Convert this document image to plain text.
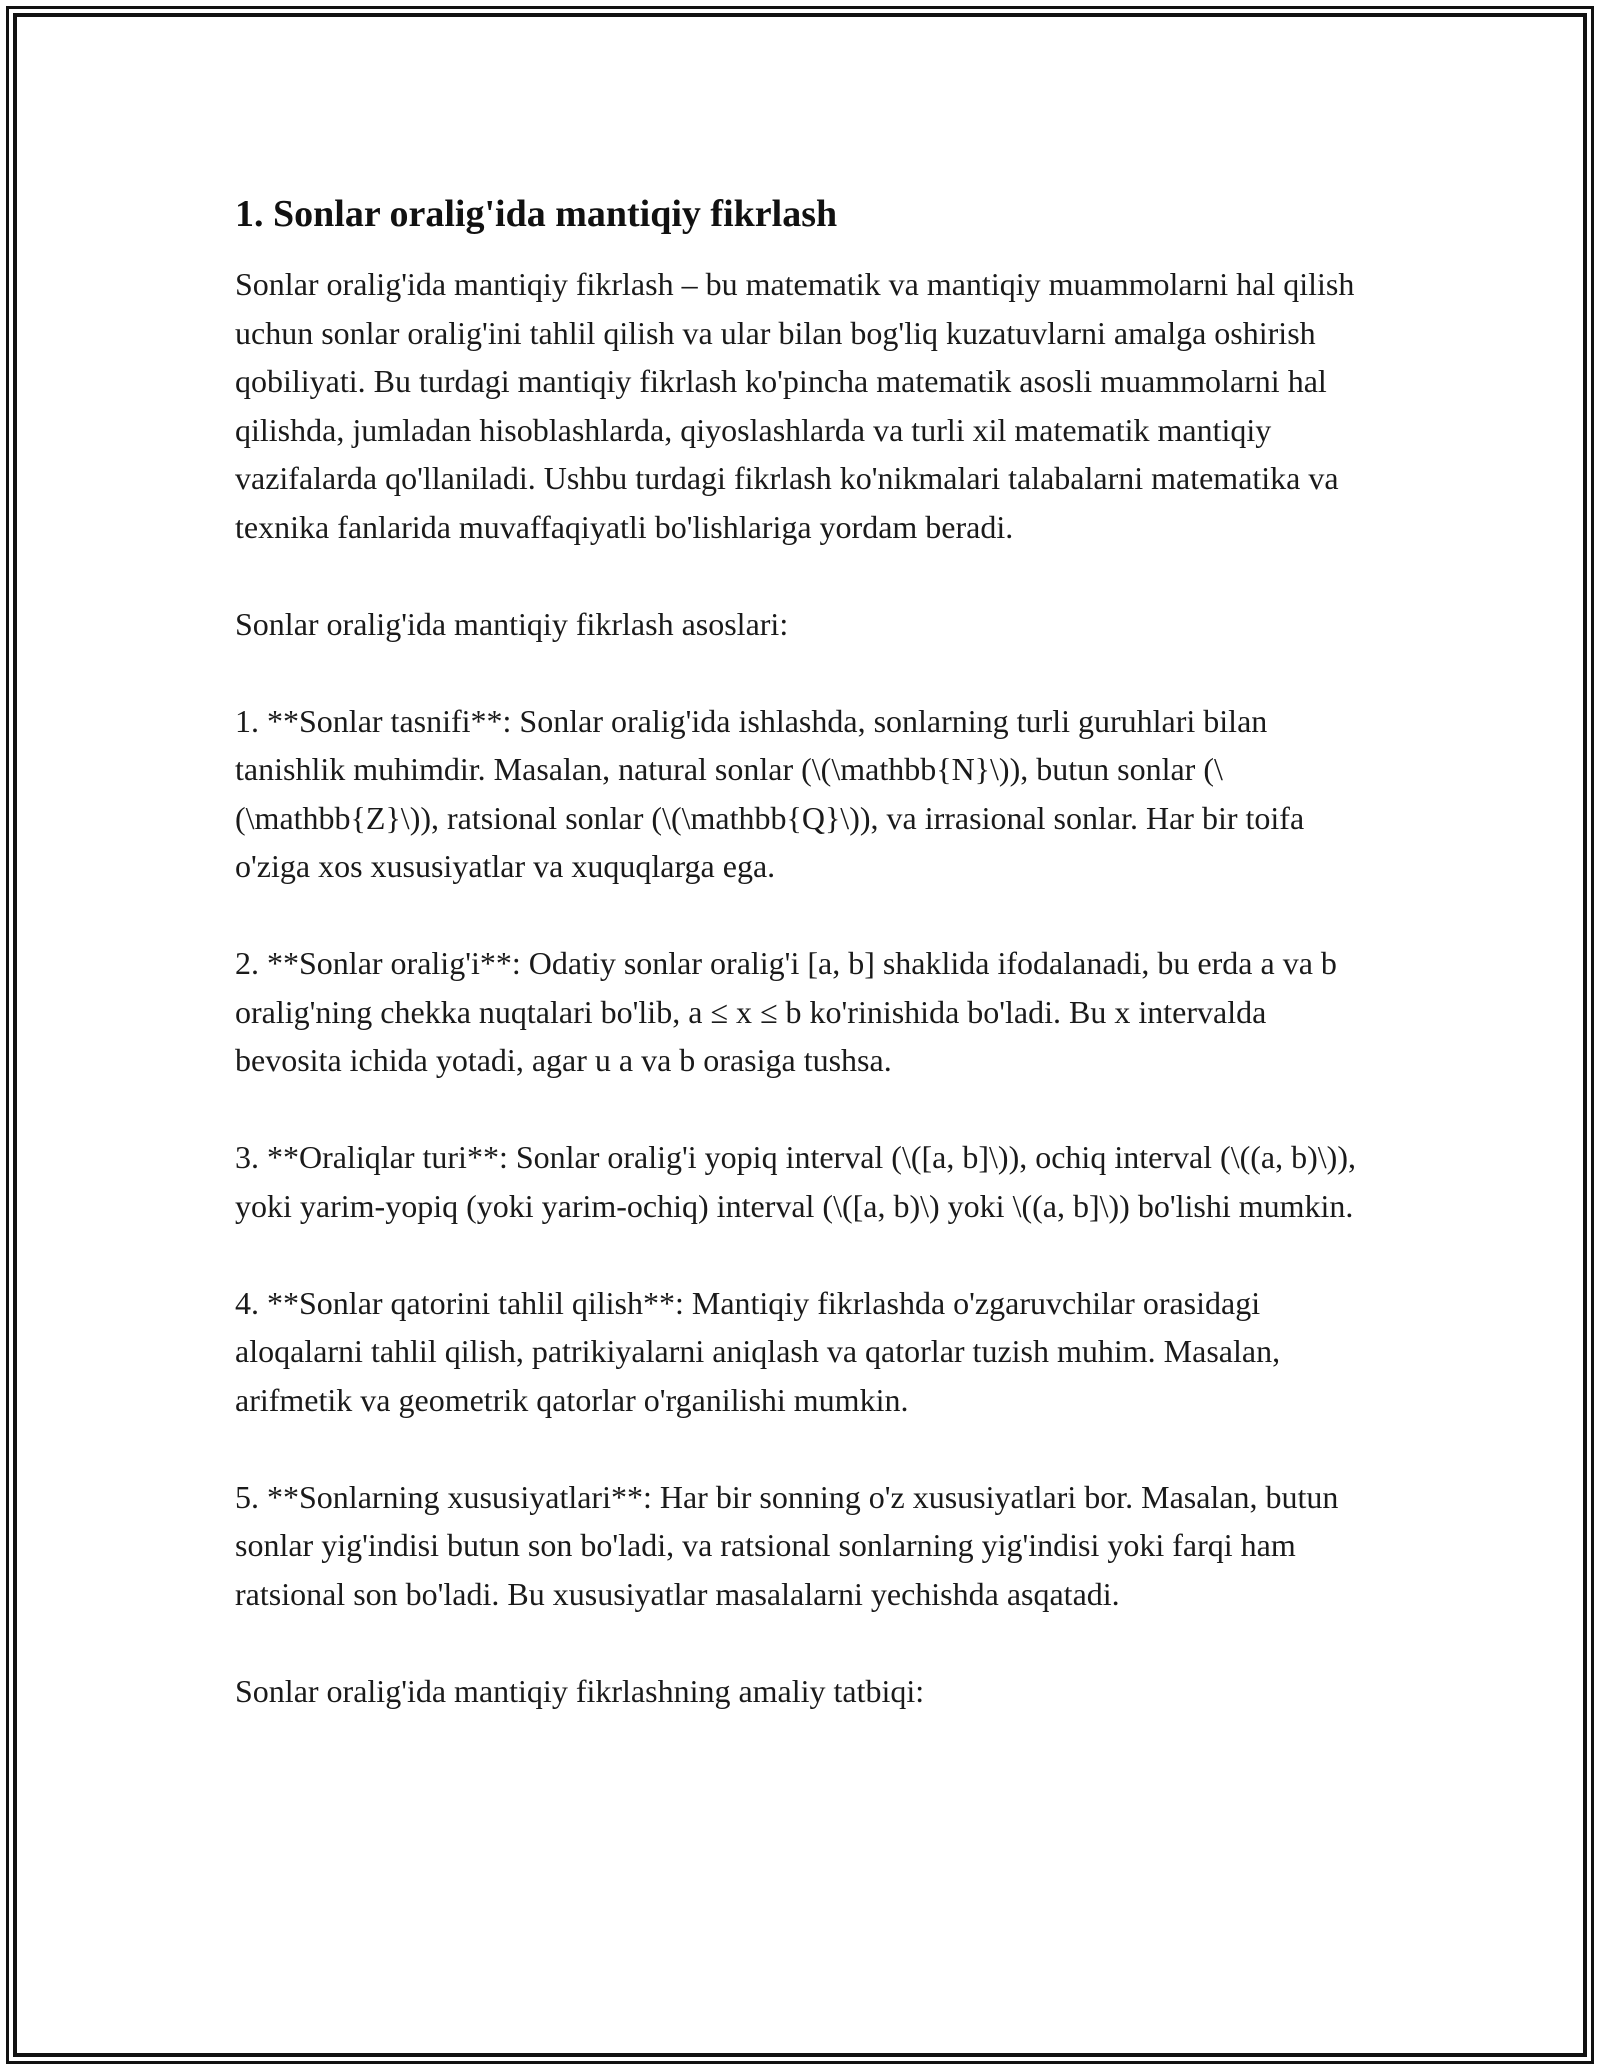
1. Sonlar oralig'ida mantiqiy fikrlash

Sonlar oralig'ida mantiqiy fikrlash – bu matematik va mantiqiy muammolarni hal qilish uchun sonlar oralig'ini tahlil qilish va ular bilan bog'liq kuzatuvlarni amalga oshirish qobiliyati. Bu turdagi mantiqiy fikrlash ko'pincha matematik asosli muammolarni hal qilishda, jumladan hisoblashlarda, qiyoslashlarda va turli xil matematik mantiqiy vazifalarda qo'llaniladi. Ushbu turdagi fikrlash ko'nikmalari talabalarni matematika va texnika fanlarida muvaffaqiyatli bo'lishlariga yordam beradi.

Sonlar oralig'ida mantiqiy fikrlash asoslari:

1. **Sonlar tasnifi**: Sonlar oralig'ida ishlashda, sonlarning turli guruhlari bilan tanishlik muhimdir. Masalan, natural sonlar (\(\mathbb{N}\)), butun sonlar (\(\mathbb{Z}\)), ratsional sonlar (\(\mathbb{Q}\)), va irrasional sonlar. Har bir toifa o'ziga xos xususiyatlar va xuquqlarga ega.

2. **Sonlar oralig'i**: Odatiy sonlar oralig'i [a, b] shaklida ifodalanadi, bu erda a va b oralig'ning chekka nuqtalari bo'lib, a ≤ x ≤ b ko'rinishida bo'ladi. Bu x intervalda bevosita ichida yotadi, agar u a va b orasiga tushsa.

3. **Oraliqlar turi**: Sonlar oralig'i yopiq interval (\([a, b]\)), ochiq interval (\((a, b)\)), yoki yarim-yopiq (yoki yarim-ochiq) interval (\([a, b)\) yoki \((a, b]\)) bo'lishi mumkin.

4. **Sonlar qatorini tahlil qilish**: Mantiqiy fikrlashda o'zgaruvchilar orasidagi aloqalarni tahlil qilish, patrikiyalarni aniqlash va qatorlar tuzish muhim. Masalan, arifmetik va geometrik qatorlar o'rganilishi mumkin.

5. **Sonlarning xususiyatlari**: Har bir sonning o'z xususiyatlari bor. Masalan, butun sonlar yig'indisi butun son bo'ladi, va ratsional sonlarning yig'indisi yoki farqi ham ratsional son bo'ladi. Bu xususiyatlar masalalarni yechishda asqatadi.

Sonlar oralig'ida mantiqiy fikrlashning amaliy tatbiqi:
